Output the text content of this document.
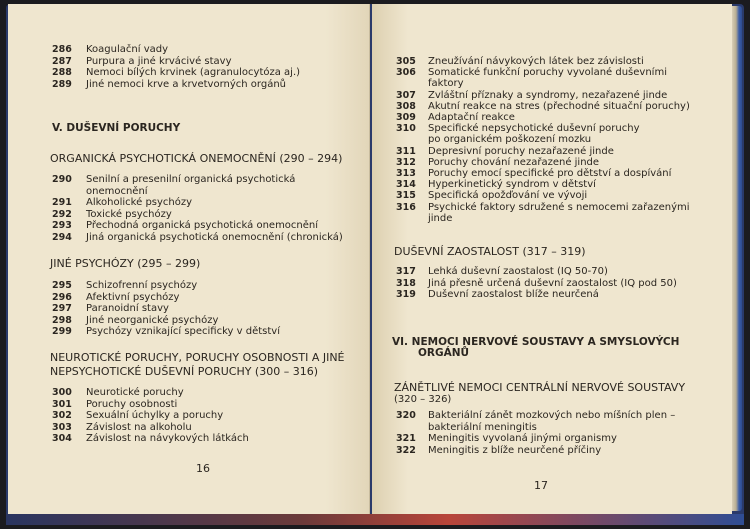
286 Koagulační vady
287 Purpura a jiné krvácivé stavy
288 Nemoci bílých krvinek (agranulocytóza aj.)
289 Jiné nemoci krve a krvetvorných orgánů
290 Senilní a presenilní organická psychotická
onemocnění
291 Alkoholické psychózy
292 Toxické psychózy
293 Přechodná organická psychotická onemocnění
294 Jiná organická psychotická onemocnění (chronická)
295 Schizofrenní psychózy
296 Afektivní psychózy
297 Paranoidní stavy
298 Jiné neorganické psychózy
299 Psychózy vznikající specificky v dětství
300 Neurotické poruchy
301 Poruchy osobnosti
302 Sexuální úchylky a poruchy
303 Závislost na alkoholu
304 Závislost na návykových látkách
V. DUŠEVNÍ PORUCHY
ORGANICKÁ PSYCHOTICKÁ ONEMOCNĚNÍ (290 – 294)
JINÉ PSYCHÓZY (295 – 299)
NEUROTICKÉ PORUCHY, PORUCHY OSOBNOSTI A JINÉ
NEPSYCHOTICKÉ DUŠEVNÍ PORUCHY (300 – 316)
16
305 Zneužívání návykových látek bez závislosti
306 Somatické funkční poruchy vyvolané duševními
faktory
307 Zvláštní příznaky a syndromy, nezařazené jinde
308 Akutní reakce na stres (přechodné situační poruchy)
309 Adaptační reakce
310 Specifické nepsychotické duševní poruchy
po organickém poškození mozku
311 Depresivní poruchy nezařazené jinde
312 Poruchy chování nezařazené jinde
313 Poruchy emocí specifické pro dětství a dospívání
314 Hyperkinetický syndrom v dětství
315 Specifická opožďování ve vývoji
316 Psychické faktory sdružené s nemocemi zařazenými
jinde
317 Lehká duševní zaostalost (IQ 50-70)
318 Jiná přesně určená duševní zaostalost (IQ pod 50)
319 Duševní zaostalost blíže neurčená
320 Bakteriální zánět mozkových nebo míšních plen –
bakteriální meningitis
321 Meningitis vyvolaná jinými organismy
322 Meningitis z blíže neurčené příčiny
DUŠEVNÍ ZAOSTALOST (317 – 319)
VI. NEMOCI NERVOVÉ SOUSTAVY A SMYSLOVÝCH
ORGÁNŮ
ZÁNĚTLIVÉ NEMOCI CENTRÁLNÍ NERVOVÉ SOUSTAVY
(320 – 326)
17
